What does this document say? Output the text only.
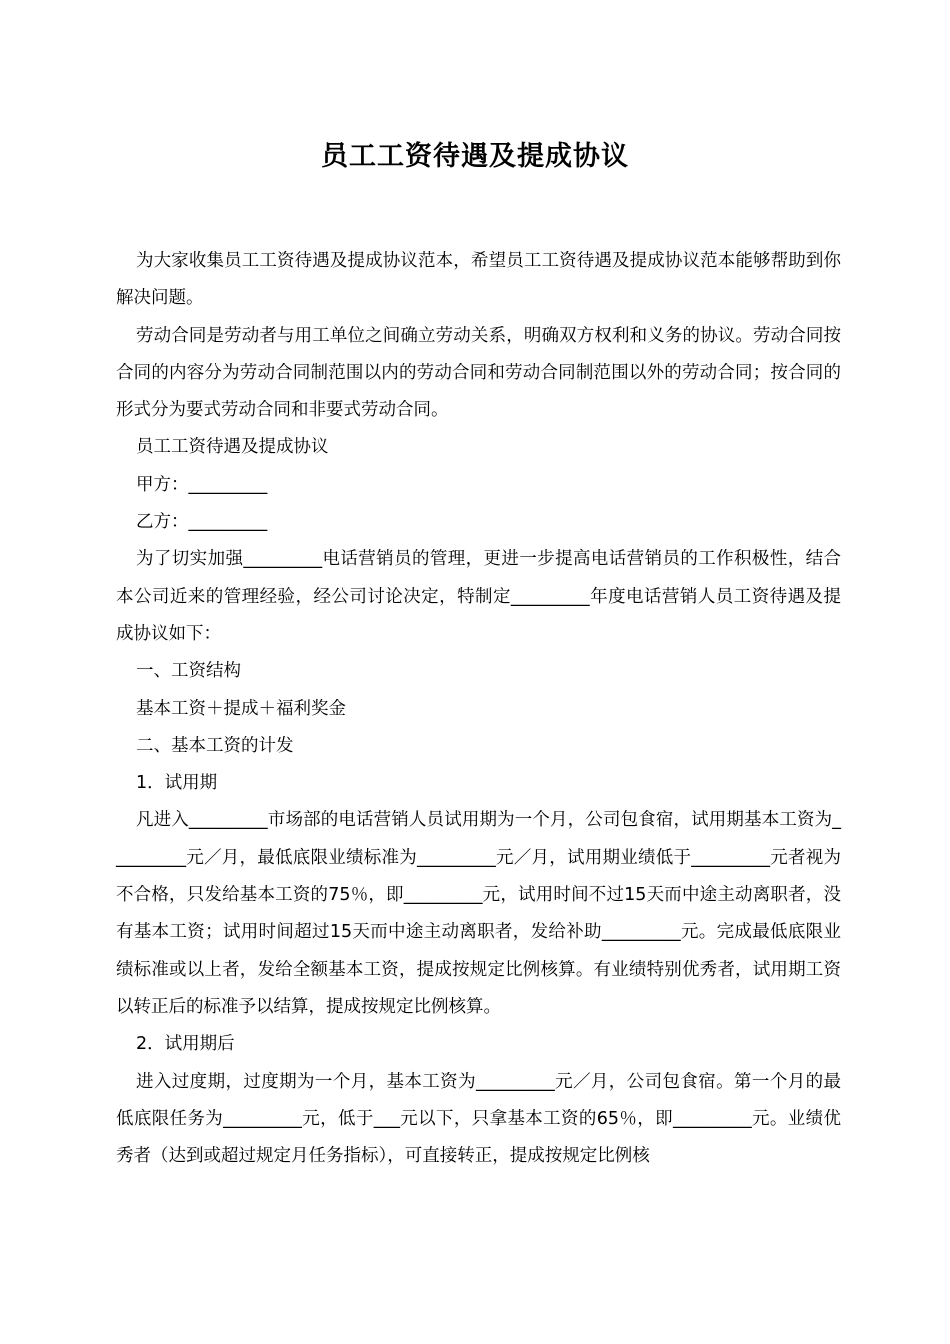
员工工资待遇及提成协议

为大家收集员工工资待遇及提成协议范本，希望员工工资待遇及提成协议范本能够帮助到你解决问题。

劳动合同是劳动者与用工单位之间确立劳动关系，明确双方权利和义务的协议。劳动合同按合同的内容分为劳动合同制范围以内的劳动合同和劳动合同制范围以外的劳动合同；按合同的形式分为要式劳动合同和非要式劳动合同。

员工工资待遇及提成协议

甲方：_________

乙方：_________

为了切实加强_________电话营销员的管理，更进一步提高电话营销员的工作积极性，结合本公司近来的管理经验，经公司讨论决定，特制定_________年度电话营销人员工资待遇及提成协议如下：

一、工资结构

基本工资＋提成＋福利奖金

二、基本工资的计发

1．试用期

凡进入_________市场部的电话营销人员试用期为一个月，公司包食宿，试用期基本工资为_________元／月，最低底限业绩标准为_________元／月，试用期业绩低于_________元者视为不合格，只发给基本工资的75％，即_________元，试用时间不过15天而中途主动离职者，没有基本工资；试用时间超过15天而中途主动离职者，发给补助_________元。完成最低底限业绩标准或以上者，发给全额基本工资，提成按规定比例核算。有业绩特别优秀者，试用期工资以转正后的标准予以结算，提成按规定比例核算。

2．试用期后

进入过度期，过度期为一个月，基本工资为_________元／月，公司包食宿。第一个月的最低底限任务为_________元，低于___元以下，只拿基本工资的65％，即_________元。业绩优秀者（达到或超过规定月任务指标），可直接转正，提成按规定比例核
